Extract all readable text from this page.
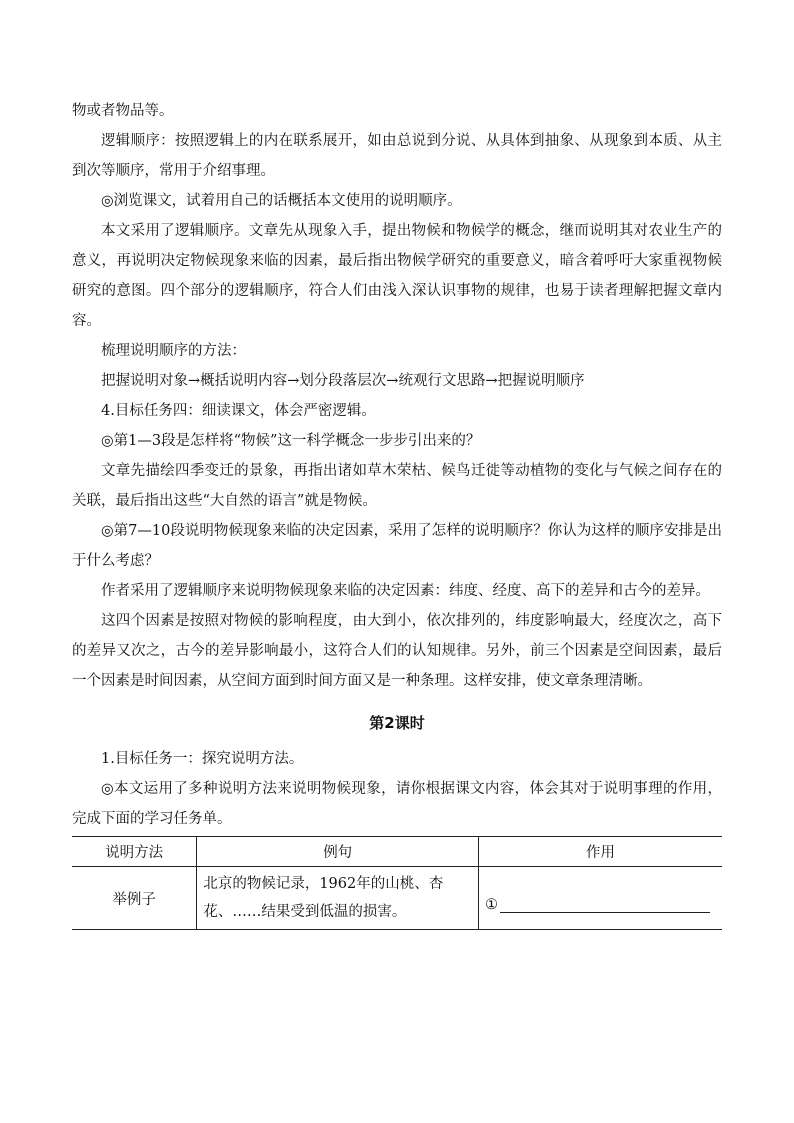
物或者物品等。

逻辑顺序：按照逻辑上的内在联系展开，如由总说到分说、从具体到抽象、从现象到本质、从主到次等顺序，常用于介绍事理。

◎浏览课文，试着用自己的话概括本文使用的说明顺序。

本文采用了逻辑顺序。文章先从现象入手，提出物候和物候学的概念，继而说明其对农业生产的意义，再说明决定物候现象来临的因素，最后指出物候学研究的重要意义，暗含着呼吁大家重视物候研究的意图。四个部分的逻辑顺序，符合人们由浅入深认识事物的规律，也易于读者理解把握文章内容。

梳理说明顺序的方法：

把握说明对象→概括说明内容→划分段落层次→统观行文思路→把握说明顺序

4.目标任务四：细读课文，体会严密逻辑。

◎第1—3段是怎样将“物候”这一科学概念一步步引出来的？

文章先描绘四季变迁的景象，再指出诸如草木荣枯、候鸟迁徙等动植物的变化与气候之间存在的关联，最后指出这些“大自然的语言”就是物候。

◎第7—10段说明物候现象来临的决定因素，采用了怎样的说明顺序？你认为这样的顺序安排是出于什么考虑？

作者采用了逻辑顺序来说明物候现象来临的决定因素：纬度、经度、高下的差异和古今的差异。

这四个因素是按照对物候的影响程度，由大到小，依次排列的，纬度影响最大，经度次之，高下的差异又次之，古今的差异影响最小，这符合人们的认知规律。另外，前三个因素是空间因素，最后一个因素是时间因素，从空间方面到时间方面又是一种条理。这样安排，使文章条理清晰。

第2课时

1.目标任务一：探究说明方法。

◎本文运用了多种说明方法来说明物候现象，请你根据课文内容，体会其对于说明事理的作用，完成下面的学习任务单。

说明方法	例句	作用
举例子	北京的物候记录，1962年的山桃、杏花、……结果受到低温的损害。	①
